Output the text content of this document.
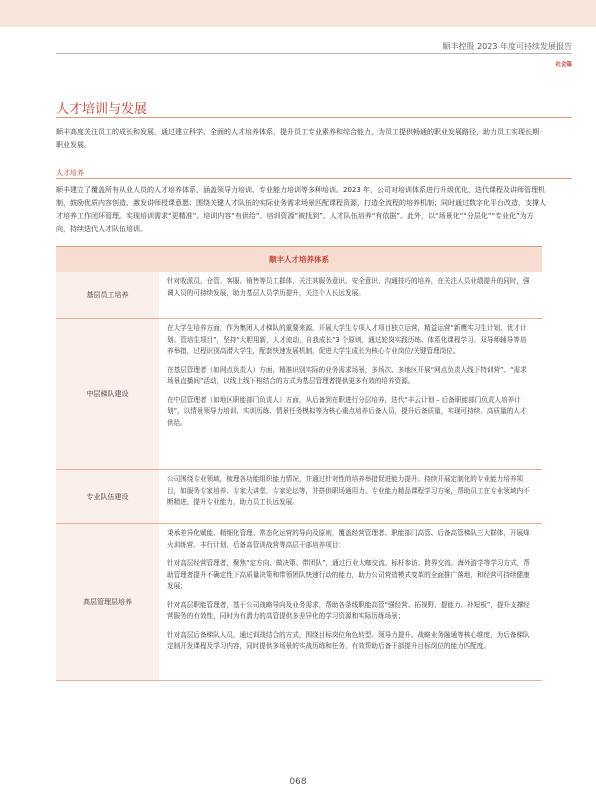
顺丰控股 2023 年度可持续发展报告
社会篇
人才培训与发展
顺丰高度关注员工的成长和发展，通过建立科学、全面的人才培养体系，提升员工专业素养和综合能力，为员工提供畅通的职业发展路径，助力员工实现长期职业发展。
人才培养
顺丰建立了覆盖所有从业人员的人才培养体系，涵盖领导力培训、专业能力培训等多种培训。2023 年，公司对培训体系进行升级优化，迭代课程及讲师管理机制，鼓励优质内容创造、激发讲师授课意愿；围绕关键人才队伍的实际业务需求场景匹配课程资源，打造全流程的培养机制；同时通过数字化平台改造，支撑人才培养工作闭环管理。实现培训需求“更精准”、培训内容“有供给”、培训资源“被找到”、人才队伍培养“有依据”。此外，以“场景化”“分层化”“专业化”为方向，持续迭代人才队伍培训。
顺丰人才培养体系
基层员工培养

针对收派员、仓管、客服、销售等员工群体，关注其服务意识、安全意识、沟通技巧的培养，在关注人员业绩提升的同时，强调人员的可持续发展，助力基层人员学历提升，关注个人长远发展。

中层梯队建设

在大学生培养方面，作为集团人才梯队的重要来源，开展大学生专项人才项目独立运营，精益运营“新鹰实习生计划、优才计划、管培生项目”，坚持“大胆用新，人才流动，自我成长”3 个原则，通过轮岗实践历练、体系化课程学习、双导师辅导等培养举措，过程识别高潜大学生，配套快速发展机制，促进大学生成长为核心专业岗位/关键管理岗位。

在基层管理者（如网点负责人）方面，精准识别实际的业务需求场景，多场次、多地区开展“网点负责人线下特训营”、“需求场景直播间”活动，以线上线下相结合的方式为基层管理者提供更多有效的培养资源。

在中层管理者（如地区职能部门负责人）方面，从后备到在职进行分层培养，迭代“丰云计划 – 后备职能部门负责人培养计划”，以情景领导力培训、实训历练、情景任务模拟等为核心重点培养后备人员，提升后备质量，实现可持续、高质量的人才供给。

专业队伍建设

公司围绕专业领域，梳理各功能组织能力情况，并通过针对性的培养举措促进能力提升。持续开展定制化的专业能力培养项目，如服务专家培养、专家大讲堂、专家论坛等，并搭供职场通用力、专业能力精品课程学习方案，帮助员工在专业领域内不断精进，提升专业能力，助力员工长远发展。

高层管理层培养

秉承差异化赋能、精细化管理、常态化运营的导向及原则，覆盖经营管理者、职能部门高管、后备高管梯队三大群体，开展烽火训练营、丰行计划、后备高管训战营等高层干部培养项目：

针对高层经营管理者，聚焦“定方向、做决策、带团队”，通过行业大咖交流、标杆参访、跨界交流、海外游学等学习方式，帮助管理者提升不确定性下高质量决策和带领团队快速行动的能力，助力公司营造模式变革的全面推广落地，和经营可持续健康发展；

针对高层职能管理者，基于公司战略导向及业务需求，帮助各条线职能高管“强经营、拓视野、提能力、补短板”，提升支撑经营服务的有效性，同时为有潜力的高管提供多差异化的学习资源和实际历练场景；

针对高层后备梯队人员，通过训战结合的方式，围绕目标岗位角色转型、领导力提升、战略业务融通等核心维度，为后备梯队定制开发课程及学习内容，同时提供多场景的实战历练和任务，有效帮助后备干部提升目标岗位的能力匹配度。

068
